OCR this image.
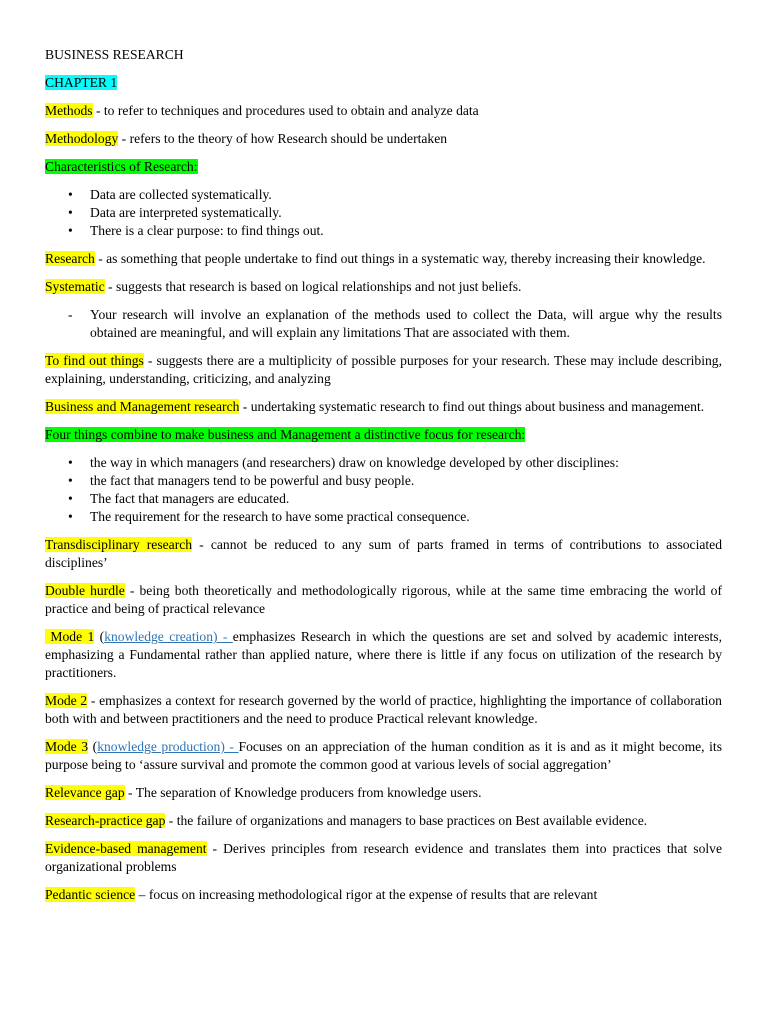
BUSINESS RESEARCH

CHAPTER 1

Methods - to refer to techniques and procedures used to obtain and analyze data

Methodology - refers to the theory of how Research should be undertaken

Characteristics of Research:

• Data are collected systematically.
• Data are interpreted systematically.
• There is a clear purpose: to find things out.

Research - as something that people undertake to find out things in a systematic way, thereby increasing their knowledge.

Systematic - suggests that research is based on logical relationships and not just beliefs.

- Your research will involve an explanation of the methods used to collect the Data, will argue why the results obtained are meaningful, and will explain any limitations That are associated with them.

To find out things - suggests there are a multiplicity of possible purposes for your research. These may include describing, explaining, understanding, criticizing, and analyzing

Business and Management research - undertaking systematic research to find out things about business and management.

Four things combine to make business and Management a distinctive focus for research:

• the way in which managers (and researchers) draw on knowledge developed by other disciplines:
• the fact that managers tend to be powerful and busy people.
• The fact that managers are educated.
• The requirement for the research to have some practical consequence.

Transdisciplinary research - cannot be reduced to any sum of parts framed in terms of contributions to associated disciplines’

Double hurdle - being both theoretically and methodologically rigorous, while at the same time embracing the world of practice and being of practical relevance

Mode 1 (knowledge creation) - emphasizes Research in which the questions are set and solved by academic interests, emphasizing a Fundamental rather than applied nature, where there is little if any focus on utilization of the research by practitioners.

Mode 2 - emphasizes a context for research governed by the world of practice, highlighting the importance of collaboration both with and between practitioners and the need to produce Practical relevant knowledge.

Mode 3 (knowledge production) - Focuses on an appreciation of the human condition as it is and as it might become, its purpose being to ‘assure survival and promote the common good at various levels of social aggregation’

Relevance gap - The separation of Knowledge producers from knowledge users.

Research-practice gap - the failure of organizations and managers to base practices on Best available evidence.

Evidence-based management - Derives principles from research evidence and translates them into practices that solve organizational problems

Pedantic science – focus on increasing methodological rigor at the expense of results that are relevant
